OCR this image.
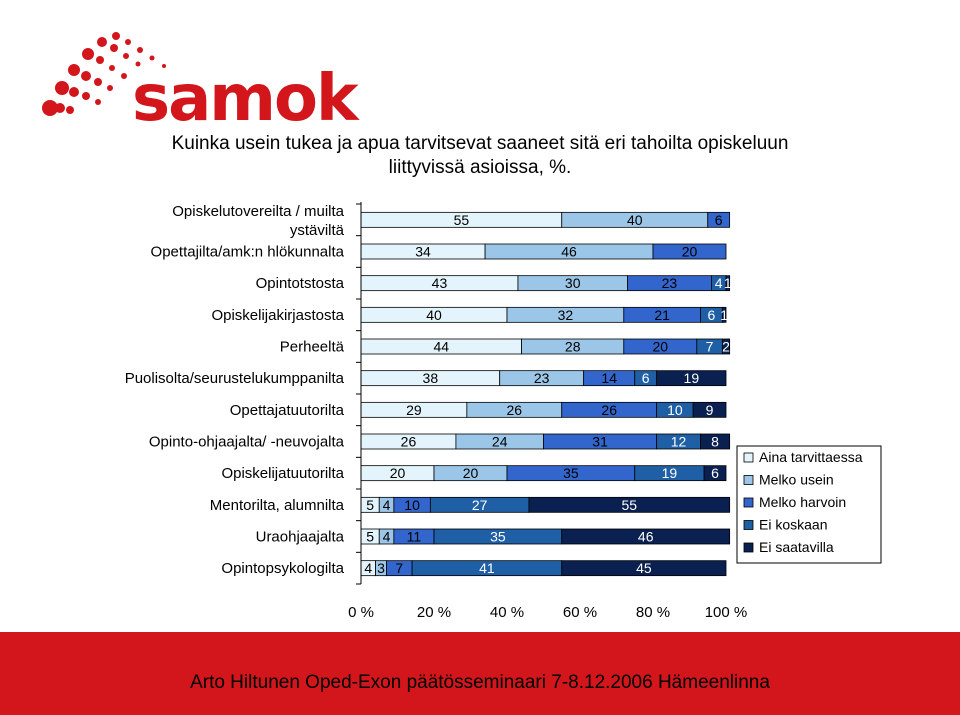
samok
Kuinka usein tukea ja apua tarvitsevat saaneet sitä eri tahoilta opiskeluun liittyvissä asioissa, %.
55	40	6
34	46	20
43	30	23	4 1
40	32	21	6 1
44	28	20	7 2
38	23	14 6 19
29	26	26	10 9
26	24	31	12 8
20	20	35	19 6
5 4 10	27	55
5 4 11	35	46
4 3 7	41	45
Opiskelutovereilta / muilta ystäviltä
Opettajilta/amk:n hlökunnalta
Opintotstosta
Opiskelijakirjastosta
Perheeltä
Puolisolta/seurustelukumppanilta
Opettajatuutorilta
Opinto-ohjaajalta/ -neuvojalta
Opiskelijatuutorilta
Mentorilta, alumnilta
Uraohjaajalta
Opintopsykologilta
0 %	20 %	40 %	60 %	80 % 100 %
Aina tarvittaessa
Melko usein
Melko harvoin
Ei koskaan
Ei saatavilla
Arto Hiltunen Oped-Exon päätösseminaari 7-8.12.2006 Hämeenlinna
